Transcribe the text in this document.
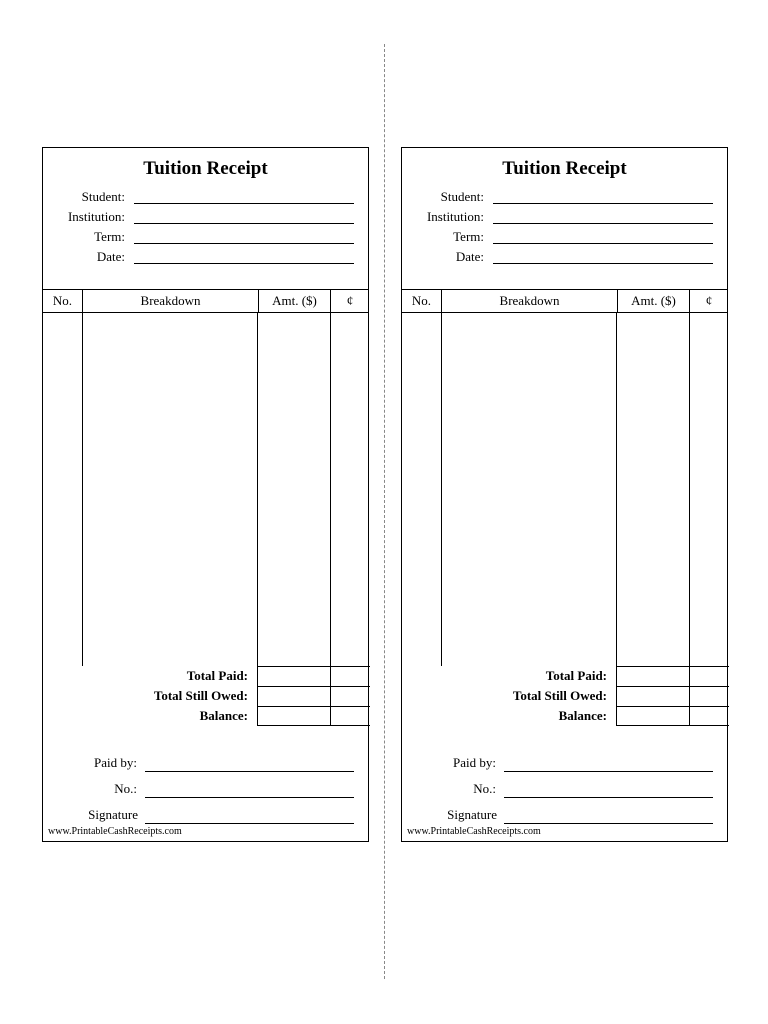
Tuition Receipt
Student:
Institution:
Term:
Date:
No.	Breakdown	Amt. ($)	¢
Total Paid:
Total Still Owed:
Balance:
Paid by:
No.:
Signature
www.PrintableCashReceipts.com
Tuition Receipt
Student:
Institution:
Term:
Date:
No.	Breakdown	Amt. ($)	¢
Total Paid:
Total Still Owed:
Balance:
Paid by:
No.:
Signature
www.PrintableCashReceipts.com
